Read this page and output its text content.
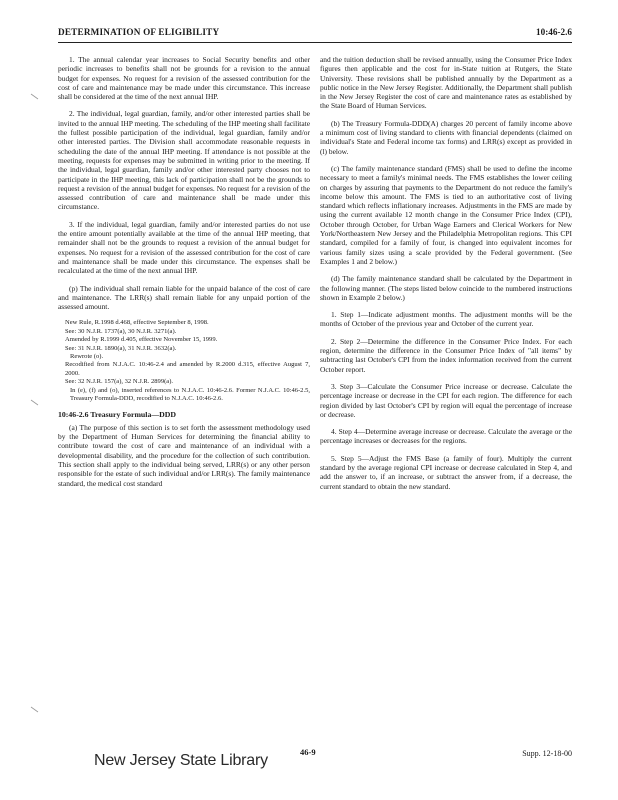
DETERMINATION OF ELIGIBILITY	10:46-2.6

1. The annual calendar year increases to Social Security benefits and other periodic increases to benefits shall not be grounds for a revision to the annual budget for expenses. No request for a revision of the assessed contribution for the cost of care and maintenance may be made under this circumstance. This increase shall be considered at the time of the next annual IHP.

2. The individual, legal guardian, family, and/or other interested parties shall be invited to the annual IHP meeting. The scheduling of the IHP meeting shall facilitate the fullest possible participation of the individual, legal guardian, family and/or other interested parties. The Division shall accommodate reasonable requests in scheduling the date of the annual IHP meeting. If attendance is not possible at the meeting, requests for expenses may be submitted in writing prior to the meeting. If the individual, legal guardian, family and/or other interested party chooses not to participate in the IHP meeting, this lack of participation shall not be the grounds to request a revision of the annual budget for expenses. No request for a revision of the assessed contribution of care and maintenance shall be made under this circumstance.

3. If the individual, legal guardian, family and/or interested parties do not use the entire amount potentially available at the time of the annual IHP meeting, that remainder shall not be the grounds to request a revision of the annual budget for expenses. No request for a revision of the assessed contribution for the cost of care and maintenance shall be made under this circumstance. The expenses shall be recalculated at the time of the next annual IHP.

(p) The individual shall remain liable for the unpaid balance of the cost of care and maintenance. The LRR(s) shall remain liable for any unpaid portion of the assessed amount.

New Rule, R.1998 d.468, effective September 8, 1998.
See: 30 N.J.R. 1737(a), 30 N.J.R. 3271(a).
Amended by R.1999 d.405, effective November 15, 1999.
See: 31 N.J.R. 1890(a), 31 N.J.R. 3632(a).
Rewrote (o).
Recodified from N.J.A.C. 10:46-2.4 and amended by R.2000 d.315, effective August 7, 2000.
See: 32 N.J.R. 157(a), 32 N.J.R. 2899(a).
In (e), (f) and (o), inserted references to N.J.A.C. 10:46-2.6. Former N.J.A.C. 10:46-2.5, Treasury Formula-DDD, recodified to N.J.A.C. 10:46-2.6.
10:46-2.6 Treasury Formula—DDD

(a) The purpose of this section is to set forth the assessment methodology used by the Department of Human Services for determining the financial ability to contribute toward the cost of care and maintenance of an individual with a developmental disability, and the procedure for the collection of such contribution. This section shall apply to the individual being served, LRR(s) or any other person responsible for the estate of such individual and/or LRR(s). The family maintenance standard, the medical cost standard

and the tuition deduction shall be revised annually, using the Consumer Price Index figures then applicable and the cost for in-State tuition at Rutgers, the State University. These revisions shall be published annually by the Department as a public notice in the New Jersey Register. Additionally, the Department shall publish in the New Jersey Register the cost of care and maintenance rates as established by the State Board of Human Services.

(b) The Treasury Formula-DDD(A) charges 20 percent of family income above a minimum cost of living standard to clients with financial dependents (claimed on individual's State and Federal income tax forms) and LRR(s) except as provided in (l) below.

(c) The family maintenance standard (FMS) shall be used to define the income necessary to meet a family's minimal needs. The FMS establishes the lower ceiling on charges by assuring that payments to the Department do not reduce the family's income below this amount. The FMS is tied to an authoritative cost of living standard which reflects inflationary increases. Adjustments in the FMS are made by using the current available 12 month change in the Consumer Price Index (CPI), October through October, for Urban Wage Earners and Clerical Workers for New York/Northeastern New Jersey and the Philadelphia Metropolitan regions. This CPI standard, compiled for a family of four, is changed into equivalent incomes for various family sizes using a scale provided by the Federal government. (See Examples 1 and 2 below.)

(d) The family maintenance standard shall be calculated by the Department in the following manner. (The steps listed below coincide to the numbered instructions shown in Example 2 below.)

1. Step 1—Indicate adjustment months. The adjustment months will be the months of October of the previous year and October of the current year.

2. Step 2—Determine the difference in the Consumer Price Index. For each region, determine the difference in the Consumer Price Index of "all items" by subtracting last October's CPI from the index information received from the current October report.

3. Step 3—Calculate the Consumer Price increase or decrease. Calculate the percentage increase or decrease in the CPI for each region. The difference for each region divided by last October's CPI by region will equal the percentage of increase or decrease.

4. Step 4—Determine average increase or decrease. Calculate the average or the percentage increases or decreases for the regions.

5. Step 5—Adjust the FMS Base (a family of four). Multiply the current standard by the average regional CPI increase or decrease calculated in Step 4, and add the answer to, if an increase, or subtract the answer from, if a decrease, the current standard to obtain the new standard.

New Jersey State Library	46-9	Supp. 12-18-00
